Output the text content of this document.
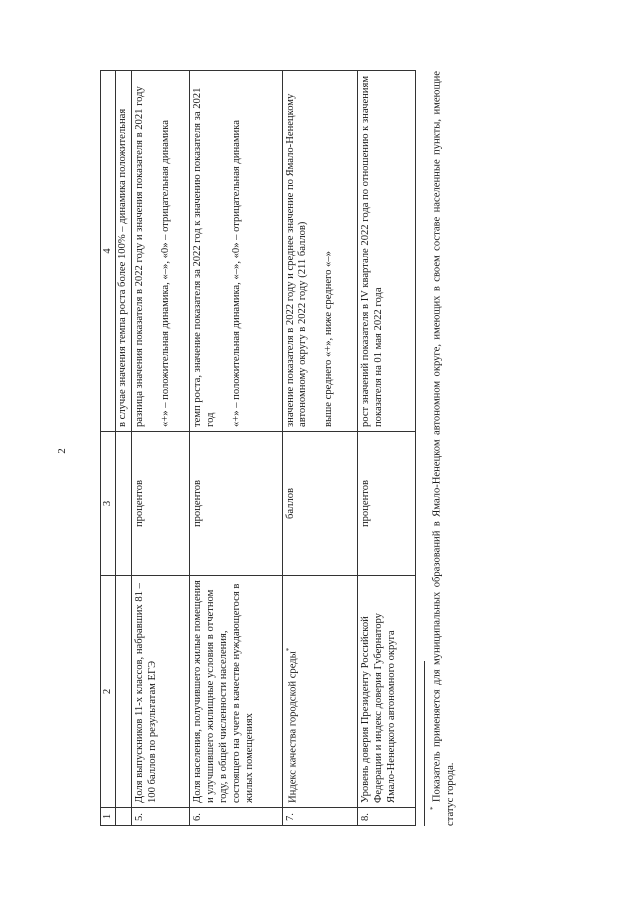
2
1	2	3	4
			в случае значения темпа роста более 100% – динамика положительная
5.	Доля выпускников 11-х классов, набравших 81 – 100 баллов по результатам ЕГЭ	процентов	разница значения показателя в 2022 году и значения показателя в 2021 году «+» – положительная динамика, «–», «0» – отрицательная динамика

6.	Доля населения, получившего жилые помещения и улучшившего жилищные условия в отчетном году, в общей численности населения, состоящего на учете в качестве нуждающегося в жилых помещениях	процентов	темп роста, значение показателя за 2022 год к значению показателя за 2021 год «+» – положительная динамика, «–», «0» – отрицательная динамика

7.	Индекс качества городской среды*	баллов	значение показателя в 2022 году и среднее значение по Ямало-Ненецкому автономному округу в 2022 году (211 баллов) выше среднего «+», ниже среднего «–»

8.	Уровень доверия Президенту Российской Федерации и индекс доверия Губернатору Ямало-Ненецкого автономного округа	процентов	рост значений показателя в IV квартале 2022 года по отношению к значениям показателя на 01 мая 2022 года
* Показатель применяется для муниципальных образований в Ямало-Ненецком автономном округе, имеющих в своем составе населенные пункты, имеющие статус города.
